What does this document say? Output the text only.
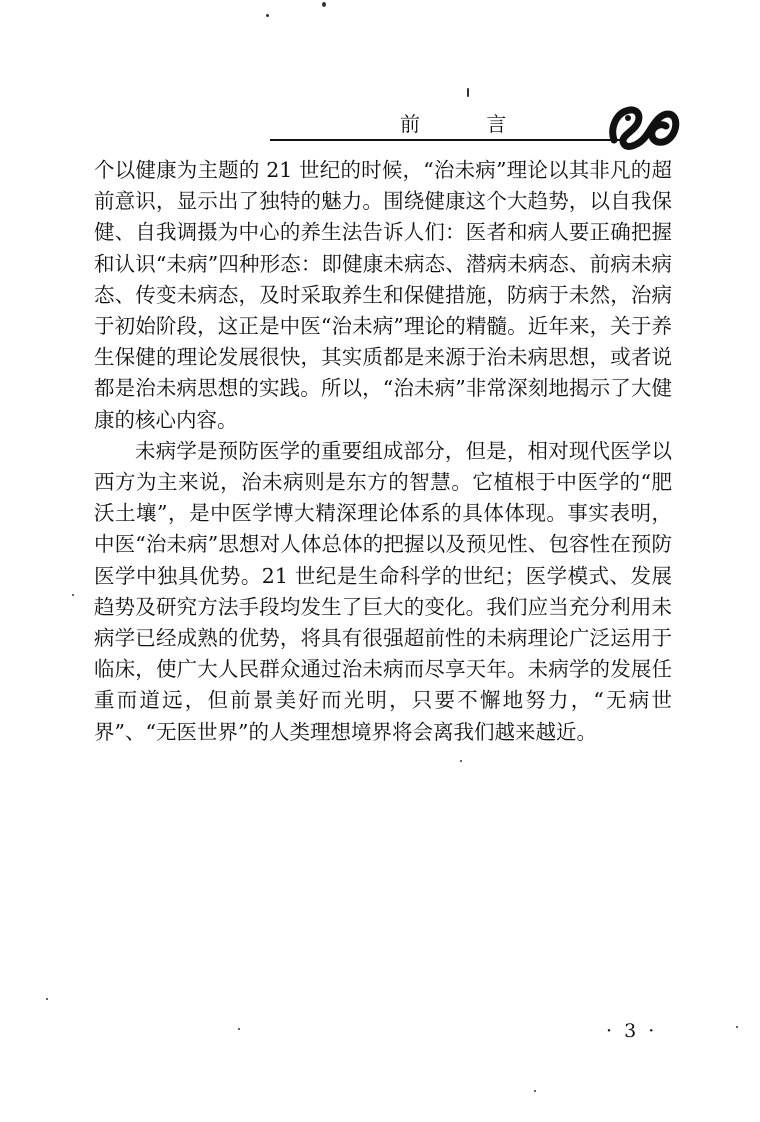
前 言

个以健康为主题的 21 世纪的时候，“治未病”理论以其非凡的超前意识，显示出了独特的魅力。围绕健康这个大趋势，以自我保健、自我调摄为中心的养生法告诉人们：医者和病人要正确把握和认识“未病”四种形态：即健康未病态、潜病未病态、前病未病态、传变未病态，及时采取养生和保健措施，防病于未然，治病于初始阶段，这正是中医“治未病”理论的精髓。近年来，关于养生保健的理论发展很快，其实质都是来源于治未病思想，或者说都是治未病思想的实践。所以，“治未病”非常深刻地揭示了大健康的核心内容。

未病学是预防医学的重要组成部分，但是，相对现代医学以西方为主来说，治未病则是东方的智慧。它植根于中医学的“肥沃土壤”，是中医学博大精深理论体系的具体体现。事实表明，中医“治未病”思想对人体总体的把握以及预见性、包容性在预防医学中独具优势。21 世纪是生命科学的世纪；医学模式、发展趋势及研究方法手段均发生了巨大的变化。我们应当充分利用未病学已经成熟的优势，将具有很强超前性的未病理论广泛运用于临床，使广大人民群众通过治未病而尽享天年。未病学的发展任重而道远，但前景美好而光明，只要不懈地努力，“无病世界”、“无医世界”的人类理想境界将会离我们越来越近。

· 3 ·
